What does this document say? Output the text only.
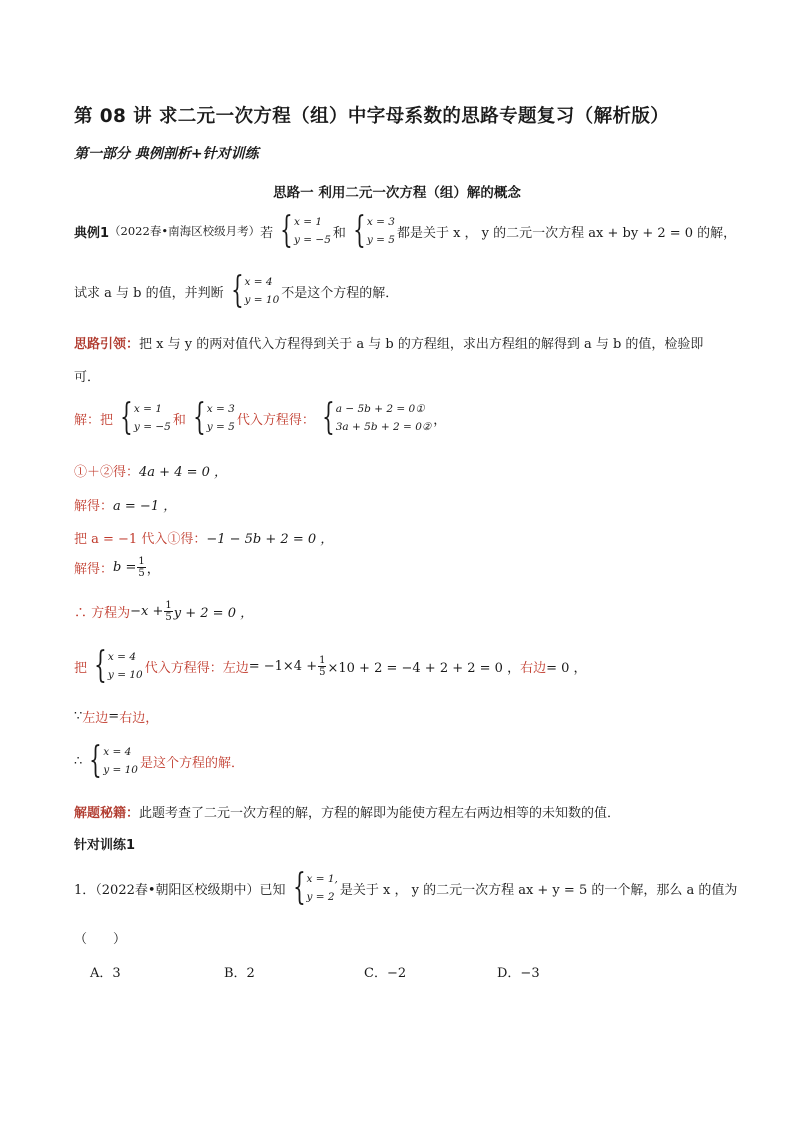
第 08 讲 求二元一次方程（组）中字母系数的思路专题复习（解析版）
第一部分 典例剖析+针对训练
思路一 利用二元一次方程（组）解的概念
典例1 （2022春•南海区校级月考） 若 { x = 1
y = −5 和 { x = 3
y = 5 都是关于 x ， y 的二元一次方程 ax + by + 2 = 0 的解，
试求 a 与 b 的值，并判断 { x = 4
y = 10 不是这个方程的解．
思路引领： 把 x 与 y 的两对值代入方程得到关于 a 与 b 的方程组，求出方程组的解得到 a 与 b 的值，检验即
可．
解：把 { x = 1
y = −5 和 { x = 3
y = 5 代入方程得： { a − 5b + 2 = 0①
3a + 5b + 2 = 0② ，
①＋②得： 4a + 4 = 0 ，
解得： a = −1 ，
把 a = −1 代入①得： −1 − 5b + 2 = 0 ，
解得： $b = \frac{1}{5}$ ，
∴ 方程为 $-x + \frac{1}{5}$ y + 2 = 0 ，
把 { x = 4
y = 10 代入方程得：左边 = $-1\times 4 + \frac{1}{5} \times 10 + 2 = -4 + 2 + 2 = 0$ ， 右边 = 0 ，
∵ 左边 = 右边，
∴ { x = 4
y = 10 是这个方程的解．
解题秘籍： 此题考查了二元一次方程的解，方程的解即为能使方程左右两边相等的未知数的值．
针对训练1
1．（2022春•朝阳区校级期中）已知 { x = 1,
y = 2 是关于 x ， y 的二元一次方程 ax + y = 5 的一个解，那么 a 的值为
（　　）
A．3	B．2	C．−2	D．−3
